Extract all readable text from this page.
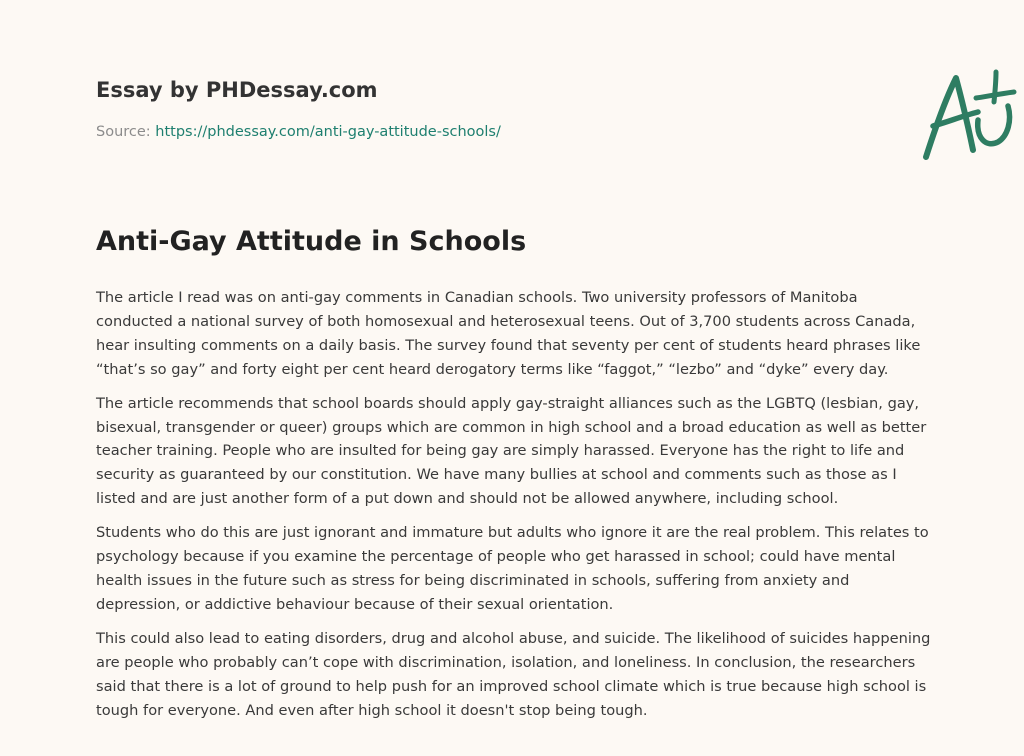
Essay by PHDessay.com
Source: https://phdessay.com/anti-gay-attitude-schools/
Anti-Gay Attitude in Schools

The article I read was on anti-gay comments in Canadian schools. Two university professors of Manitoba conducted a national survey of both homosexual and heterosexual teens. Out of 3,700 students across Canada, hear insulting comments on a daily basis. The survey found that seventy per cent of students heard phrases like “that’s so gay” and forty eight per cent heard derogatory terms like “faggot,” “lezbo” and “dyke” every day.

The article recommends that school boards should apply gay-straight alliances such as the LGBTQ (lesbian, gay, bisexual, transgender or queer) groups which are common in high school and a broad education as well as better teacher training. People who are insulted for being gay are simply harassed. Everyone has the right to life and security as guaranteed by our constitution. We have many bullies at school and comments such as those as I listed and are just another form of a put down and should not be allowed anywhere, including school.

Students who do this are just ignorant and immature but adults who ignore it are the real problem. This relates to psychology because if you examine the percentage of people who get harassed in school; could have mental health issues in the future such as stress for being discriminated in schools, suffering from anxiety and depression, or addictive behaviour because of their sexual orientation.

This could also lead to eating disorders, drug and alcohol abuse, and suicide. The likelihood of suicides happening are people who probably can’t cope with discrimination, isolation, and loneliness. In conclusion, the researchers said that there is a lot of ground to help push for an improved school climate which is true because high school is tough for everyone. And even after high school it doesn't stop being tough.
